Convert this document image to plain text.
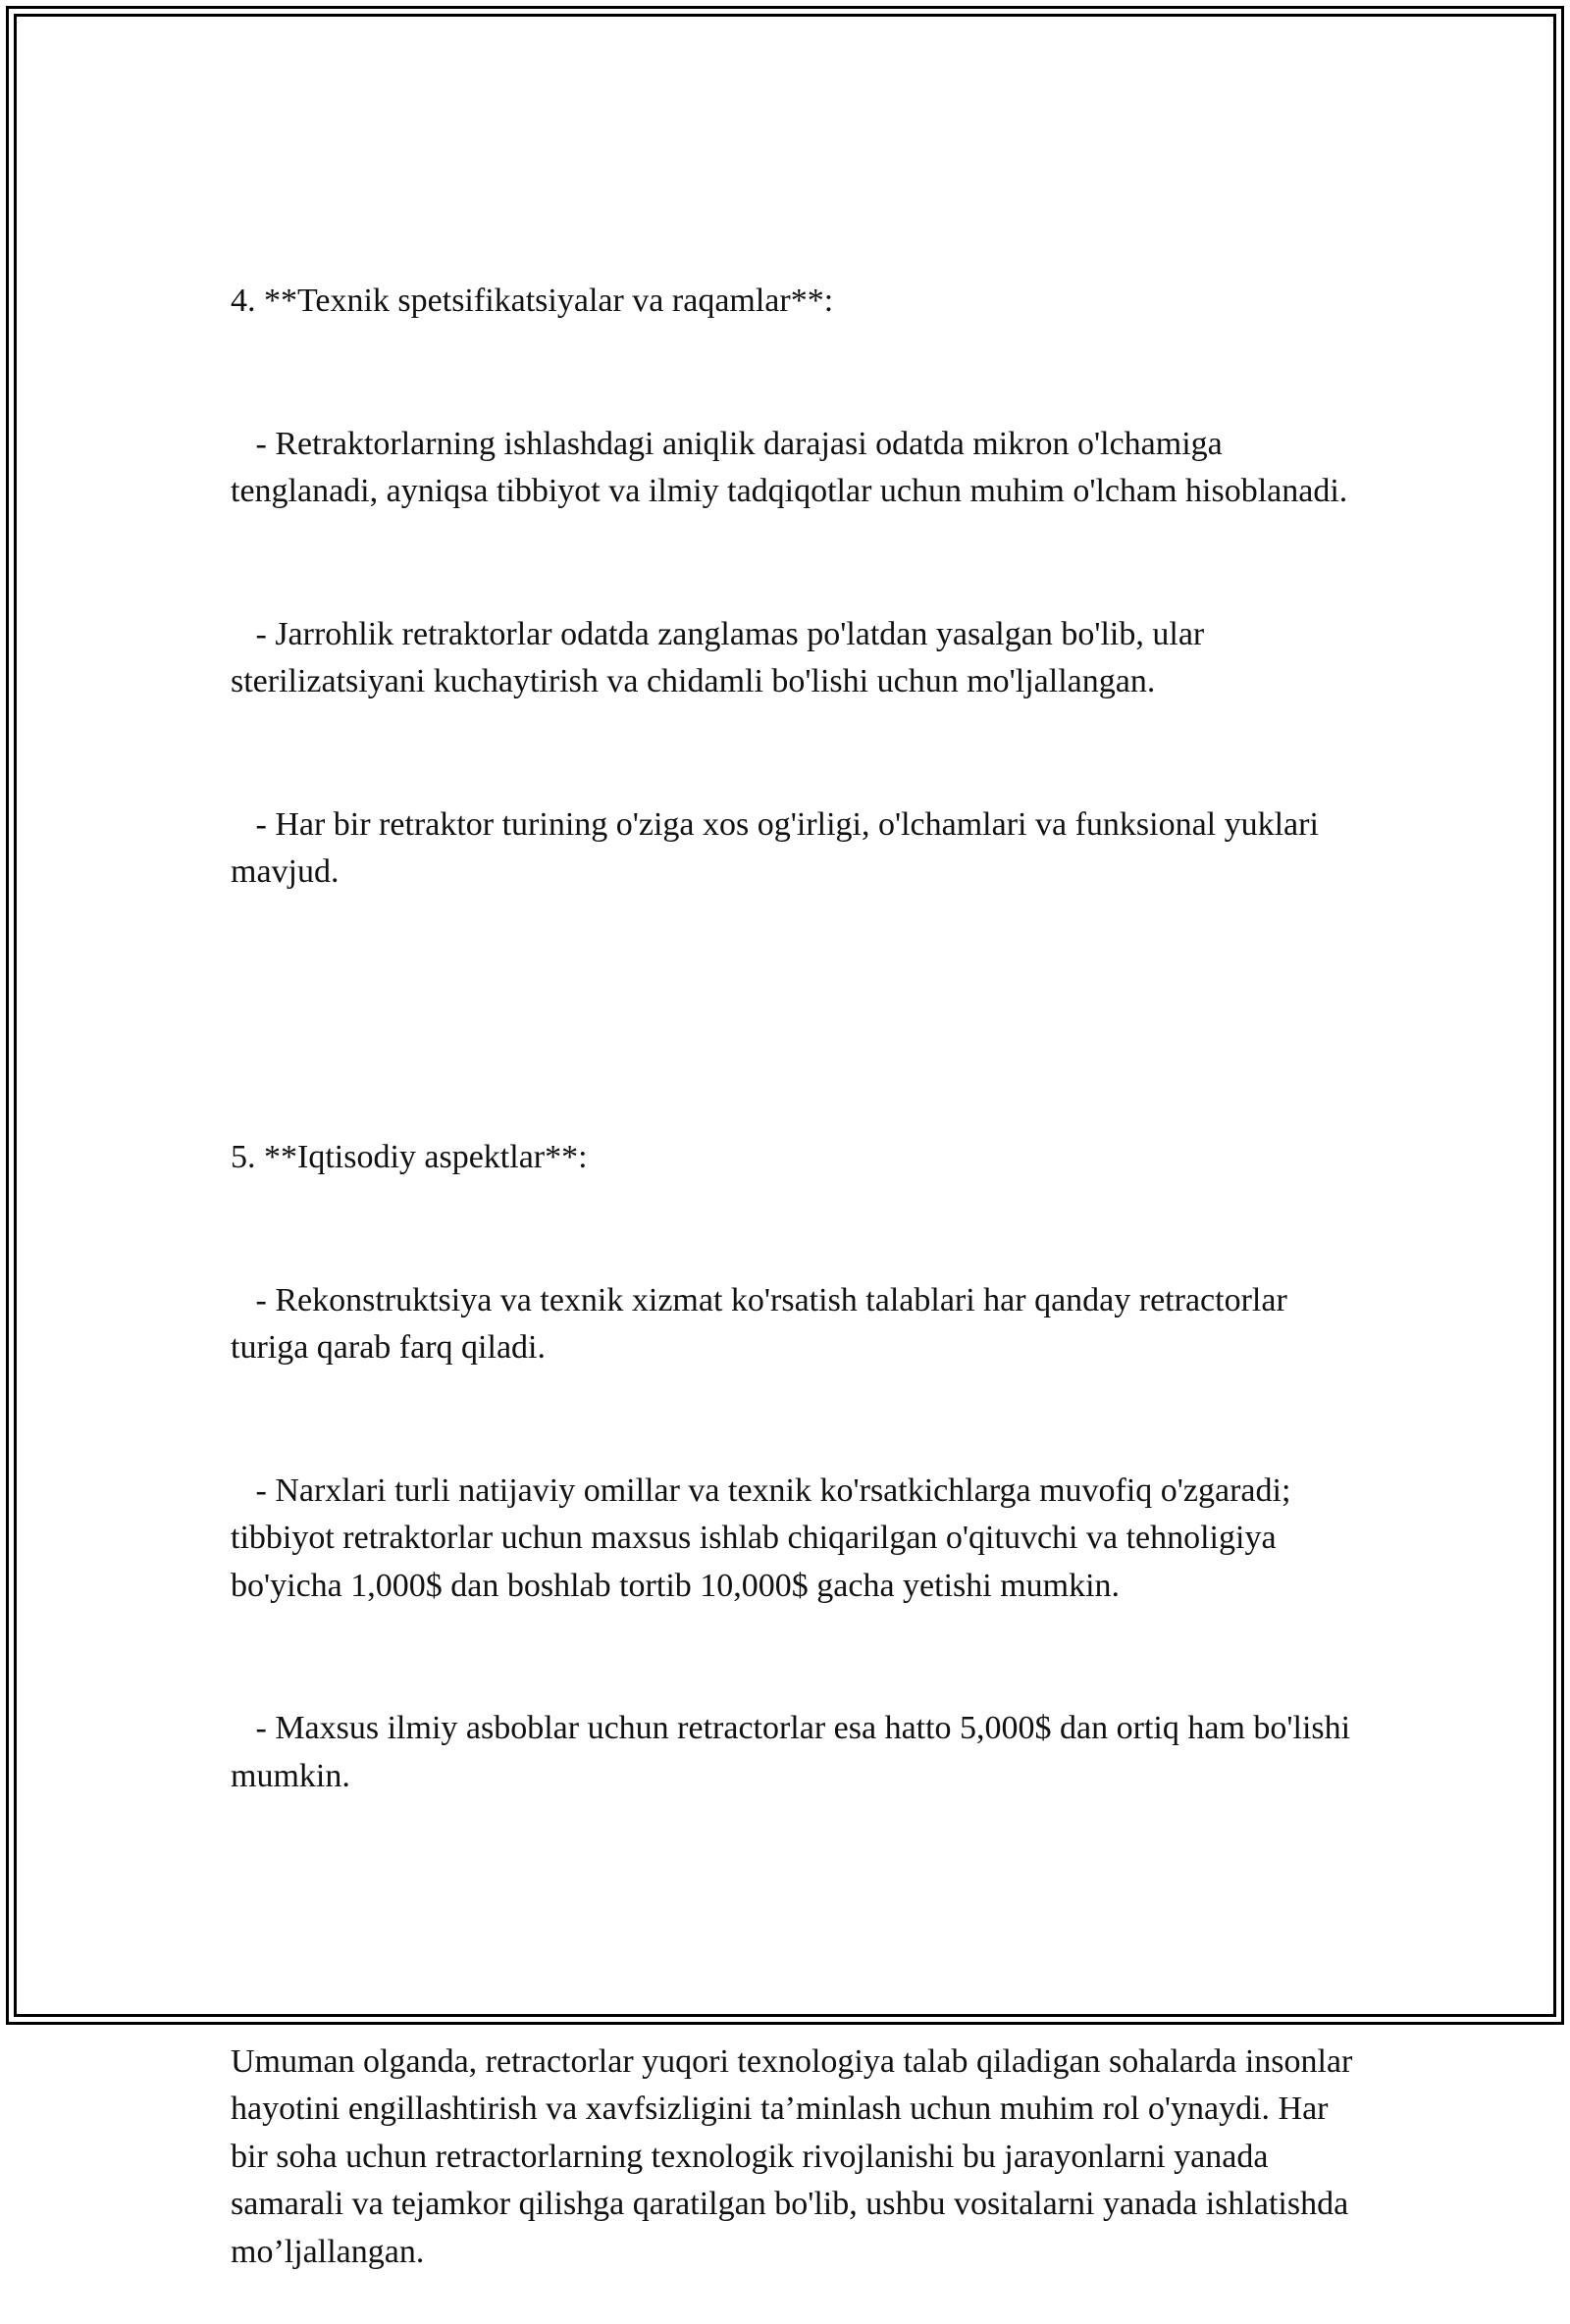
4. **Texnik spetsifikatsiyalar va raqamlar**:

- Retraktorlarning ishlashdagi aniqlik darajasi odatda mikron o'lchamiga tenglanadi, ayniqsa tibbiyot va ilmiy tadqiqotlar uchun muhim o'lcham hisoblanadi.

- Jarrohlik retraktorlar odatda zanglamas po'latdan yasalgan bo'lib, ular sterilizatsiyani kuchaytirish va chidamli bo'lishi uchun mo'ljallangan.

- Har bir retraktor turining o'ziga xos og'irligi, o'lchamlari va funksional yuklari mavjud.

5. **Iqtisodiy aspektlar**:

- Rekonstruktsiya va texnik xizmat ko'rsatish talablari har qanday retractorlar turiga qarab farq qiladi.

- Narxlari turli natijaviy omillar va texnik ko'rsatkichlarga muvofiq o'zgaradi; tibbiyot retraktorlar uchun maxsus ishlab chiqarilgan o'qituvchi va tehnoligiya bo'yicha 1,000$ dan boshlab tortib 10,000$ gacha yetishi mumkin.

- Maxsus ilmiy asboblar uchun retractorlar esa hatto 5,000$ dan ortiq ham bo'lishi mumkin.

Umuman olganda, retractorlar yuqori texnologiya talab qiladigan sohalarda insonlar hayotini engillashtirish va xavfsizligini ta’minlash uchun muhim rol o'ynaydi. Har bir soha uchun retractorlarning texnologik rivojlanishi bu jarayonlarni yanada samarali va tejamkor qilishga qaratilgan bo'lib, ushbu vositalarni yanada ishlatishda mo’ljallangan.
